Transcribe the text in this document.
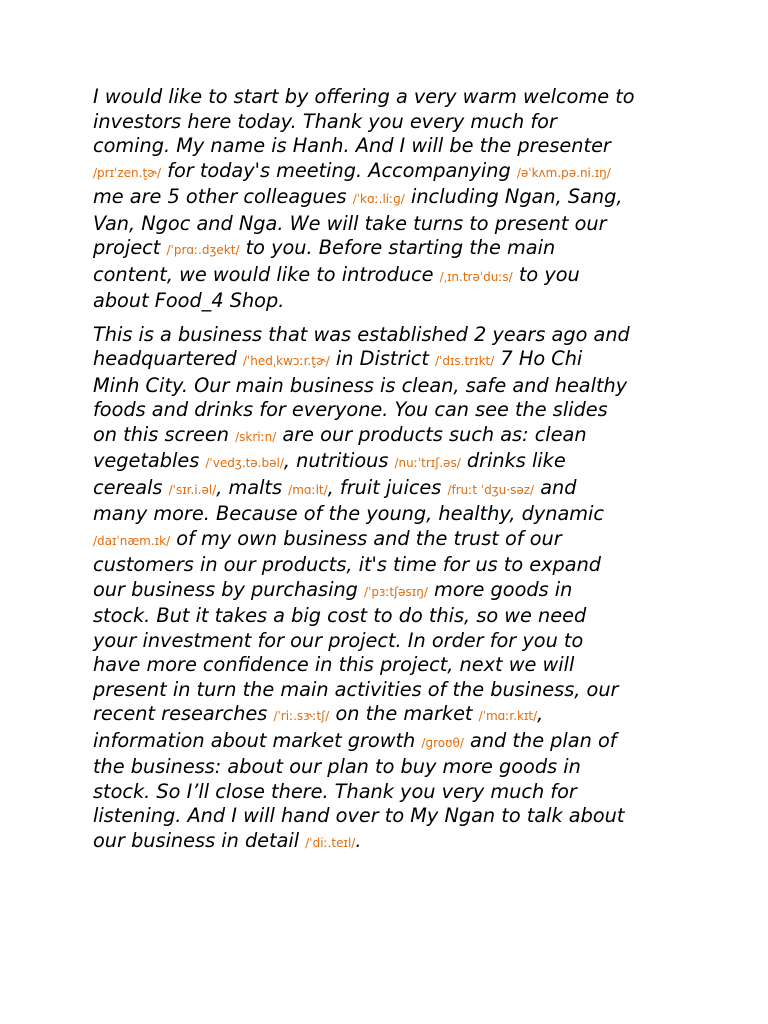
I would like to start by offering a very warm welcome to
investors here today. Thank you every much for
coming. My name is Hanh. And I will be the presenter
/prɪˈzen.t̬ɚ/ for today's meeting. Accompanying /əˈkʌm.pə.ni.ɪŋ/
me are 5 other colleagues /ˈkɑː.liːɡ/ including Ngan, Sang,
Van, Ngoc and Nga. We will take turns to present our
project /ˈprɑː.dʒekt/ to you. Before starting the main
content, we would like to introduce /ˌɪn.trəˈduːs/ to you
about Food_4 Shop.

This is a business that was established 2 years ago and
headquartered /ˈhedˌkwɔːr.t̬ɚ/ in District /ˈdɪs.trɪkt/ 7 Ho Chi
Minh City. Our main business is clean, safe and healthy
foods and drinks for everyone. You can see the slides
on this screen /skriːn/ are our products such as: clean
vegetables /ˈvedʒ.tə.bəl/, nutritious /nuːˈtrɪʃ.əs/ drinks like
cereals /ˈsɪr.i.əl/, malts /mɑːlt/, fruit juices /fruːt ˈdʒu·səz/ and
many more. Because of the young, healthy, dynamic
/daɪˈnæm.ɪk/ of my own business and the trust of our
customers in our products, it's time for us to expand
our business by purchasing /ˈpɜːtʃəsɪŋ/ more goods in
stock. But it takes a big cost to do this, so we need
your investment for our project. In order for you to
have more confidence in this project, next we will
present in turn the main activities of the business, our
recent researches /ˈriː.sɝːtʃ/ on the market /ˈmɑːr.kɪt/,
information about market growth /ɡroʊθ/ and the plan of
the business: about our plan to buy more goods in
stock. So I’ll close there. Thank you very much for
listening. And I will hand over to My Ngan to talk about
our business in detail /ˈdiː.teɪl/.
